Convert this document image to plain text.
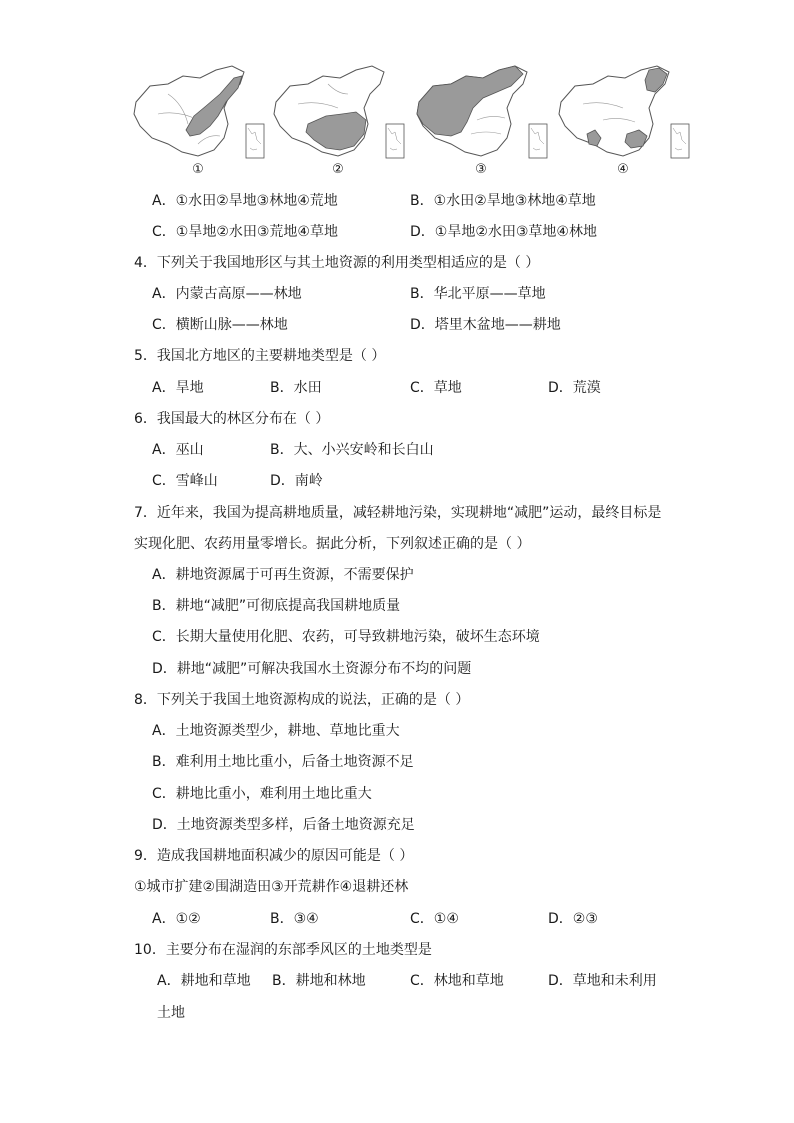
①	②	③	④
A．①水田②旱地③林地④荒地	B．①水田②旱地③林地④草地
C．①旱地②水田③荒地④草地	D．①旱地②水田③草地④林地
4．下列关于我国地形区与其土地资源的利用类型相适应的是（ ）
A．内蒙古高原——林地	B．华北平原——草地
C．横断山脉——林地	D．塔里木盆地——耕地
5．我国北方地区的主要耕地类型是（ ）
A．旱地	B．水田	C．草地	D．荒漠
6．我国最大的林区分布在（ ）
A．巫山	B．大、小兴安岭和长白山
C．雪峰山	D．南岭
7．近年来，我国为提高耕地质量，减轻耕地污染，实现耕地“减肥”运动，最终目标是
实现化肥、农药用量零增长。据此分析，下列叙述正确的是（ ）
A．耕地资源属于可再生资源，不需要保护
B．耕地“减肥”可彻底提高我国耕地质量
C．长期大量使用化肥、农药，可导致耕地污染，破坏生态环境
D．耕地“减肥”可解决我国水土资源分布不均的问题
8．下列关于我国土地资源构成的说法，正确的是（ ）
A．土地资源类型少，耕地、草地比重大
B．难利用土地比重小，后备土地资源不足
C．耕地比重小，难利用土地比重大
D．土地资源类型多样，后备土地资源充足
9．造成我国耕地面积减少的原因可能是（ ）
①城市扩建②围湖造田③开荒耕作④退耕还林
A．①②	B．③④	C．①④	D．②③
10．主要分布在湿润的东部季风区的土地类型是
A．耕地和草地 B．耕地和林地	C．林地和草地	D．草地和未利用
土地
